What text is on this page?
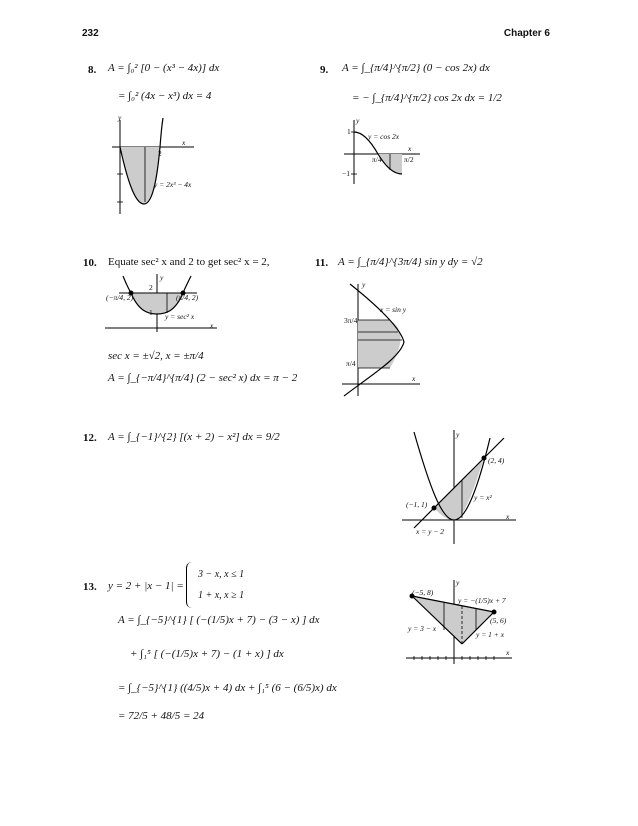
232	Chapter 6
8. A = ∫₀² [0 − (x³ − 4x)] dx
= ∫₀² (4x − x³) dx = 4
y
x
2
y = 2x³ − 4x
9. A = ∫_{π/4}^{π/2} (0 − cos 2x) dx
= − ∫_{π/4}^{π/2} cos 2x dx = 1/2
y
x
1
−1
π/4	π/2
y = cos 2x
10. Equate sec² x and 2 to get sec² x = 2,
y
x
2
1
(−π/4, 2)	(π/4, 2)
y = sec² x
sec x = ±√2, x = ±π/4
A = ∫_{−π/4}^{π/4} (2 − sec² x) dx = π − 2
11. A = ∫_{π/4}^{3π/4} sin y dy = √2
y
x
3π/4
π/4
x = sin y
12. A = ∫_{−1}^{2} [(x + 2) − x²] dx = 9/2	y
x
(2, 4)
(−1, 1)
y = x²
x = y − 2
13. y = 2 + |x − 1| =
3 − x, x ≤ 1
1 + x, x ≥ 1
A = ∫_{−5}^{1} [ (−(1/5)x + 7) − (3 − x) ] dx
+ ∫₁⁵ [ (−(1/5)x + 7) − (1 + x) ] dx
= ∫_{−5}^{1} ((4/5)x + 4) dx + ∫₁⁵ (6 − (6/5)x) dx
= 72/5 + 48/5 = 24
y
x
(−5, 8)
(5, 6)
y = −(1/5)x + 7
y = 3 − x
y = 1 + x
